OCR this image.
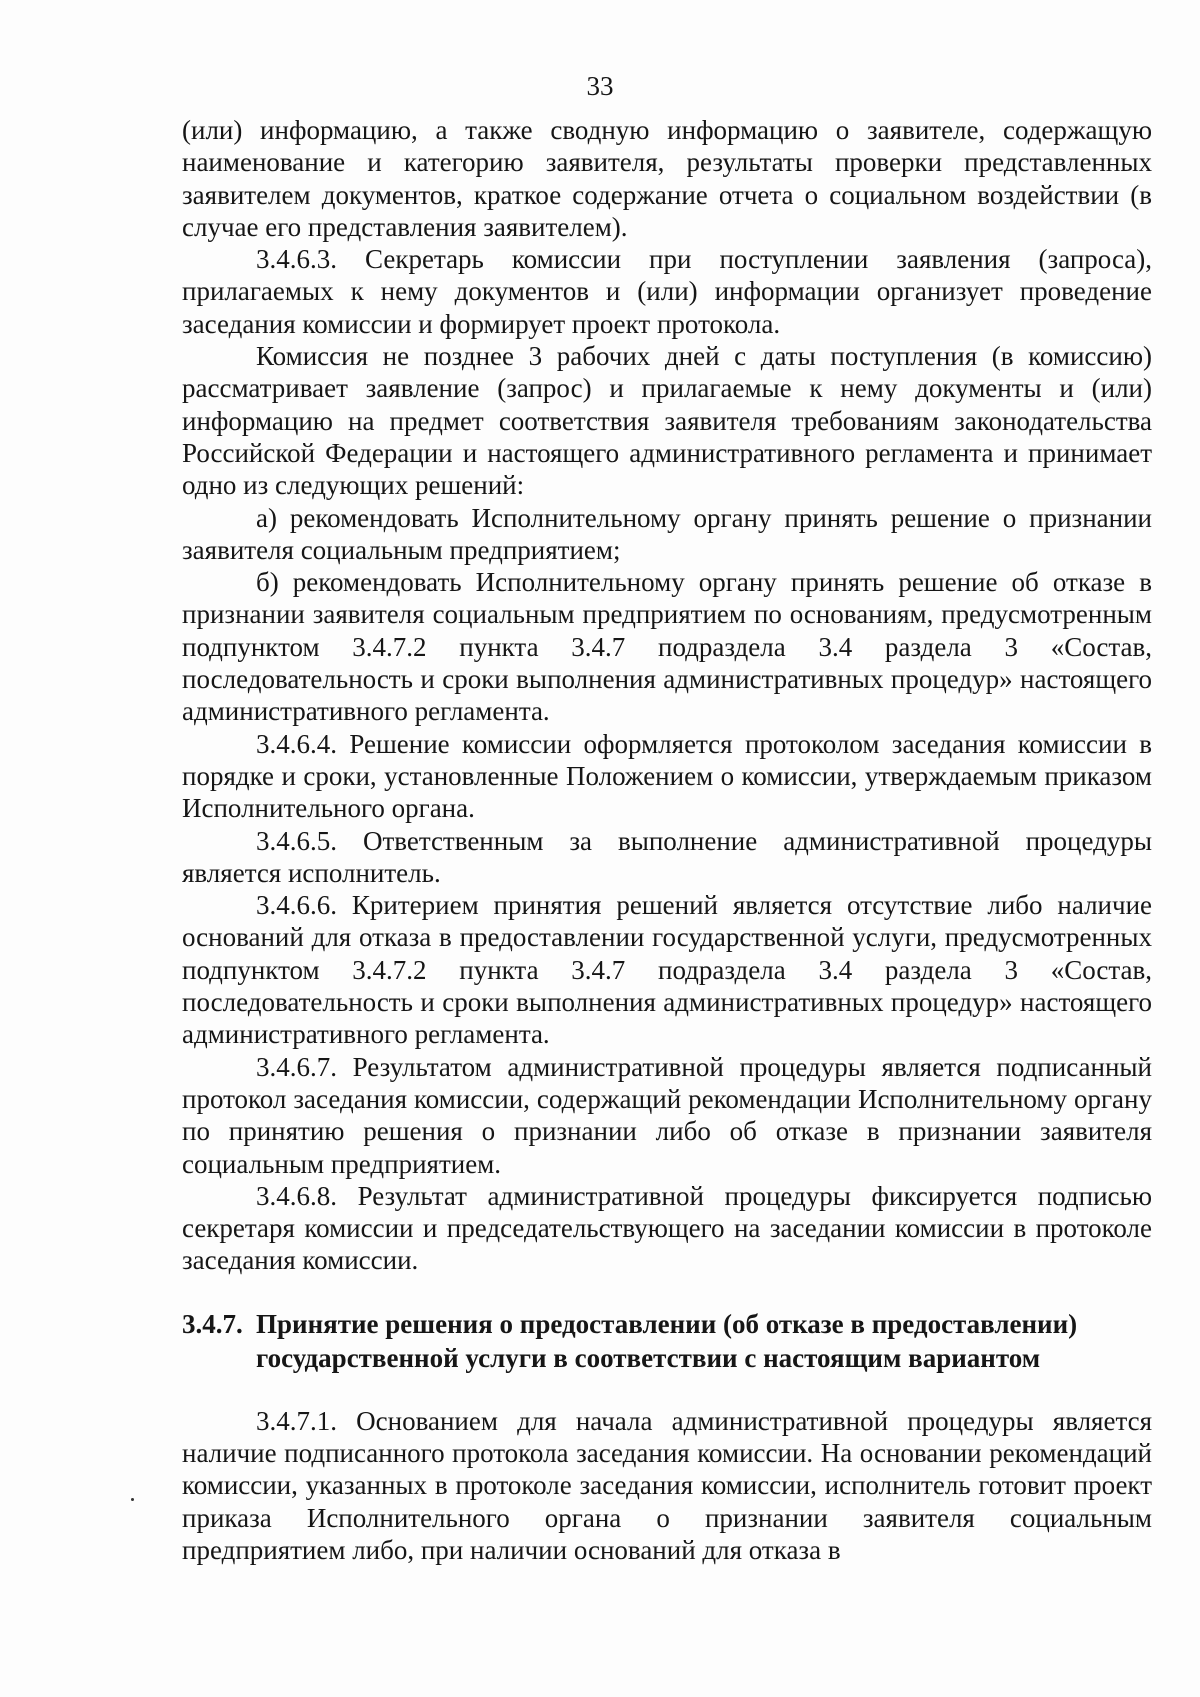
33

(или) информацию, а также сводную информацию о заявителе, содержащую наименование и категорию заявителя, результаты проверки представленных заявителем документов, краткое содержание отчета о социальном воздействии (в случае его представления заявителем).

3.4.6.3. Секретарь комиссии при поступлении заявления (запроса), прилагаемых к нему документов и (или) информации организует проведение заседания комиссии и формирует проект протокола.

Комиссия не позднее 3 рабочих дней с даты поступления (в комиссию) рассматривает заявление (запрос) и прилагаемые к нему документы и (или) информацию на предмет соответствия заявителя требованиям законодательства Российской Федерации и настоящего административного регламента и принимает одно из следующих решений:

а) рекомендовать Исполнительному органу принять решение о признании заявителя социальным предприятием;

б) рекомендовать Исполнительному органу принять решение об отказе в признании заявителя социальным предприятием по основаниям, предусмотренным подпунктом 3.4.7.2 пункта 3.4.7 подраздела 3.4 раздела 3 «Состав, последовательность и сроки выполнения административных процедур» настоящего административного регламента.

3.4.6.4. Решение комиссии оформляется протоколом заседания комиссии в порядке и сроки, установленные Положением о комиссии, утверждаемым приказом Исполнительного органа.

3.4.6.5. Ответственным за выполнение административной процедуры является исполнитель.

3.4.6.6. Критерием принятия решений является отсутствие либо наличие оснований для отказа в предоставлении государственной услуги, предусмотренных подпунктом 3.4.7.2 пункта 3.4.7 подраздела 3.4 раздела 3 «Состав, последовательность и сроки выполнения административных процедур» настоящего административного регламента.

3.4.6.7. Результатом административной процедуры является подписанный протокол заседания комиссии, содержащий рекомендации Исполнительному органу по принятию решения о признании либо об отказе в признании заявителя социальным предприятием.

3.4.6.8. Результат административной процедуры фиксируется подписью секретаря комиссии и председательствующего на заседании комиссии в протоколе заседания комиссии.

3.4.7. Принятие решения о предоставлении (об отказе в предоставлении)
государственной услуги в соответствии с настоящим вариантом

3.4.7.1. Основанием для начала административной процедуры является наличие подписанного протокола заседания комиссии. На основании рекомендаций комиссии, указанных в протоколе заседания комиссии, исполнитель готовит проект приказа Исполнительного органа о признании заявителя социальным предприятием либо, при наличии оснований для отказа в
